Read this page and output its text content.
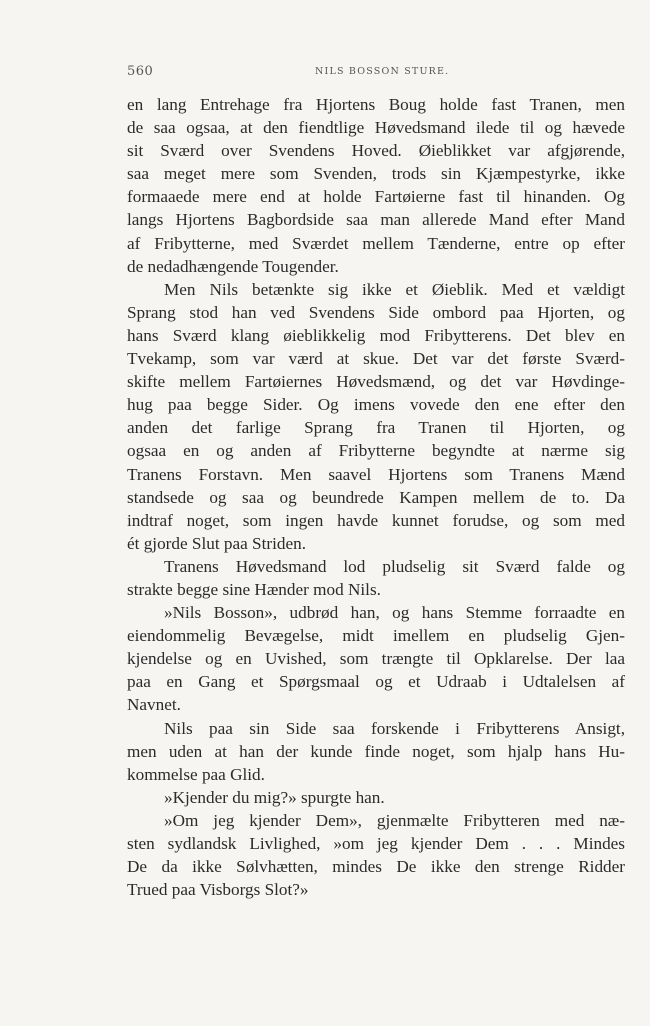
560	NILS BOSSON STURE.
en lang Entrehage fra Hjortens Boug holde fast Tranen, men
de saa ogsaa, at den fiendtlige Høvedsmand ilede til og hævede
sit Sværd over Svendens Hoved. Øieblikket var afgjørende,
saa meget mere som Svenden, trods sin Kjæmpestyrke, ikke
formaaede mere end at holde Fartøierne fast til hinanden. Og
langs Hjortens Bagbordside saa man allerede Mand efter Mand
af Fribytterne, med Sværdet mellem Tænderne, entre op efter
de nedadhængende Tougender.
Men Nils betænkte sig ikke et Øieblik. Med et vældigt
Sprang stod han ved Svendens Side ombord paa Hjorten, og
hans Sværd klang øieblikkelig mod Fribytterens. Det blev en
Tvekamp, som var værd at skue. Det var det første Sværd-
skifte mellem Fartøiernes Høvedsmænd, og det var Høvdinge-
hug paa begge Sider. Og imens vovede den ene efter den
anden det farlige Sprang fra Tranen til Hjorten, og
ogsaa en og anden af Fribytterne begyndte at nærme sig
Tranens Forstavn. Men saavel Hjortens som Tranens Mænd
standsede og saa og beundrede Kampen mellem de to. Da
indtraf noget, som ingen havde kunnet forudse, og som med
ét gjorde Slut paa Striden.
Tranens Høvedsmand lod pludselig sit Sværd falde og
strakte begge sine Hænder mod Nils.
»Nils Bosson», udbrød han, og hans Stemme forraadte en
eiendommelig Bevægelse, midt imellem en pludselig Gjen-
kjendelse og en Uvished, som trængte til Opklarelse. Der laa
paa en Gang et Spørgsmaal og et Udraab i Udtalelsen af
Navnet.
Nils paa sin Side saa forskende i Fribytterens Ansigt,
men uden at han der kunde finde noget, som hjalp hans Hu-
kommelse paa Glid.
»Kjender du mig?» spurgte han.
»Om jeg kjender Dem», gjenmælte Fribytteren med næ-
sten sydlandsk Livlighed, »om jeg kjender Dem . . . Mindes
De da ikke Sølvhætten, mindes De ikke den strenge Ridder
Trued paa Visborgs Slot?»
